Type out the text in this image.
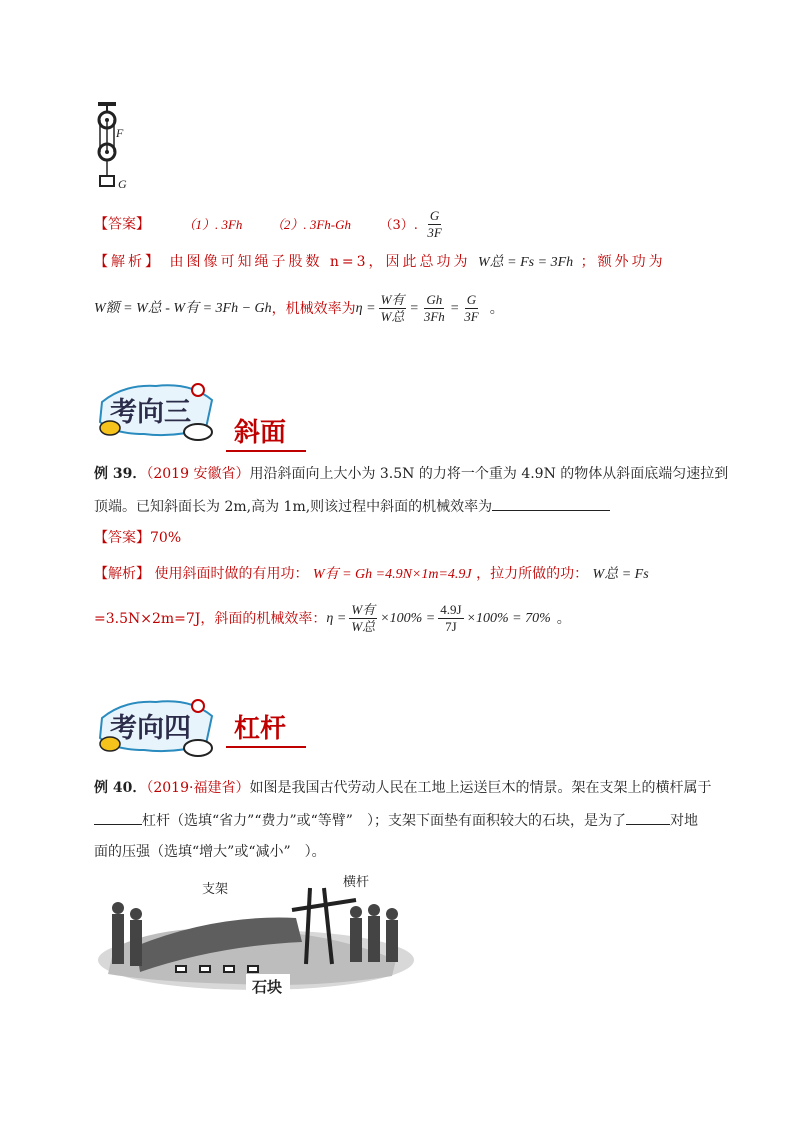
F
G
【答案】 （1）. 3Fh （2）. 3Fh-Gh （3）. $\frac{G}{3F}$
【解析】 由图像可知绳子股数 n=3，因此总功为 W总 = Fs = 3Fh ；额外功为
W额 = W总 - W有 = 3Fh − Gh ，机械效率为 $\eta = \frac{\text{W有}}{\text{W总}} = \frac{Gh}{3Fh} = \frac{G}{3F}$ 。
考向三
斜面
例 39．（2019 安徽省）用沿斜面向上大小为 3.5N 的力将一个重为 4.9N 的物体从斜面底端匀速拉到
顶端。已知斜面长为 2m,高为 1m,则该过程中斜面的机械效率为
【答案】70%
【解析】 使用斜面时做的有用功： W有 = Gh =4.9N×1m=4.9J ，拉力所做的功： W总 = Fs
=3.5N×2m=7J，斜面的机械效率： $\eta = \frac{\text{W有}}{\text{W总}} \times 100\% = \frac{4.9J}{7J} \times 100\% = 70\%$ 。
考向四	杠杆
例 40．（2019·福建省）如图是我国古代劳动人民在工地上运送巨木的情景。架在支架上的横杆属于
杠杆（选填“省力”“费力”或“等臂”　）；支架下面垫有面积较大的石块，是为了	对地
面的压强（选填“增大”或“减小”　）。
支架	横杆
石块
